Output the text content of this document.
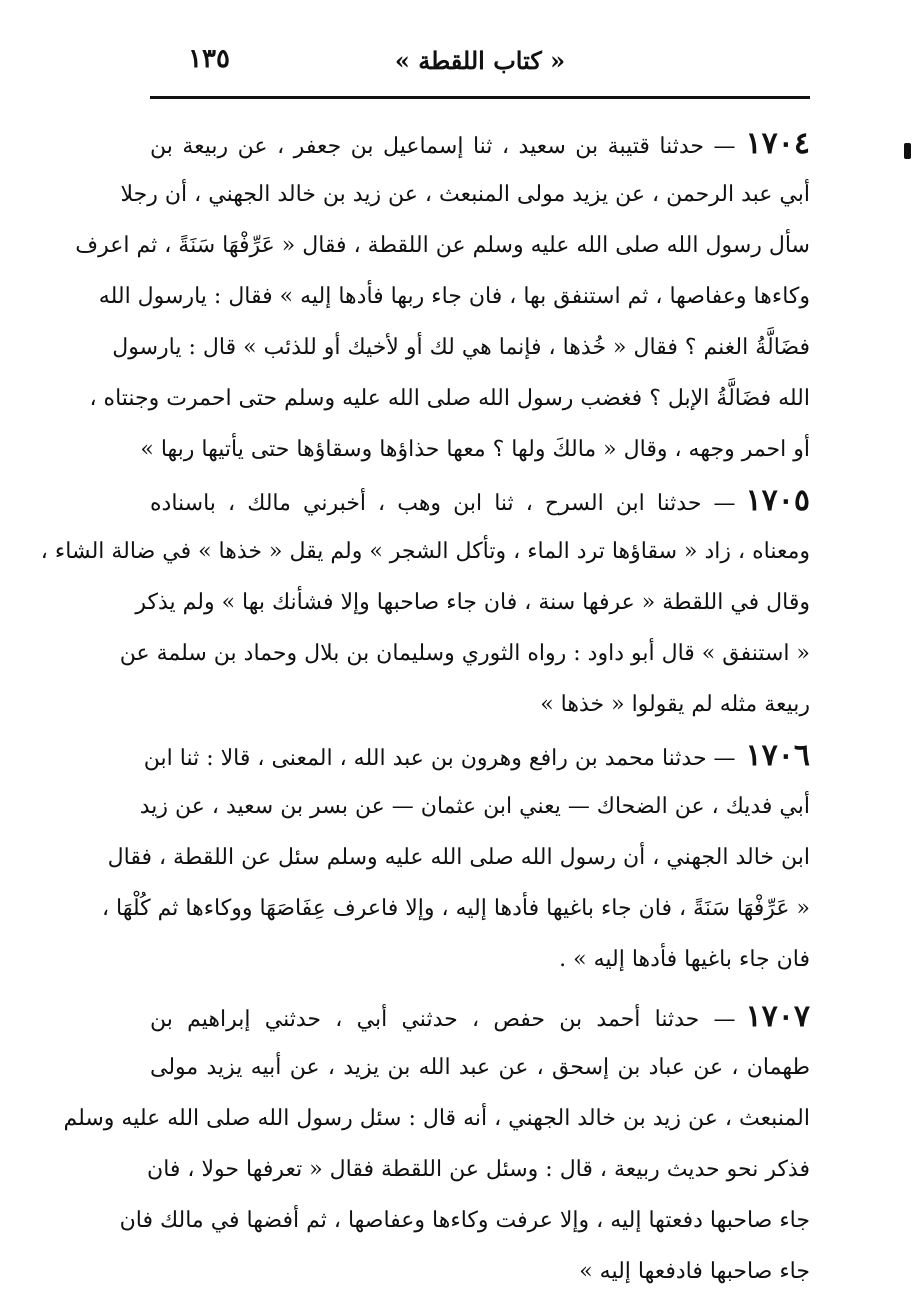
« كتاب اللقطة »
١٣٥
١٧٠٤— حدثنا قتيبة بن سعيد ، ثنا إسماعيل بن جعفر ، عن ربيعة بن
أبي عبد الرحمن ، عن يزيد مولى المنبعث ، عن زيد بن خالد الجهني ، أن رجلا
سأل رسول الله صلى الله عليه وسلم عن اللقطة ، فقال « عَرِّفْهَا سَنَةً ، ثم اعرف
وكاءها وعفاصها ، ثم استنفق بها ، فان جاء ربها فأدها إليه » فقال : يارسول الله
فضَالَّةُ الغنم ؟ فقال « خُذها ، فإنما هي لك أو لأخيك أو للذئب » قال : يارسول
الله فضَالَّةُ الإبل ؟ فغضب رسول الله صلى الله عليه وسلم حتى احمرت وجنتاه ،
أو احمر وجهه ، وقال « مالكَ ولها ؟ معها حذاؤها وسقاؤها حتى يأتيها ربها »
١٧٠٥— حدثنا ابن السرح ، ثنا ابن وهب ، أخبرني مالك ، باسناده
ومعناه ، زاد « سقاؤها ترد الماء ، وتأكل الشجر » ولم يقل « خذها » في ضالة الشاء ،
وقال في اللقطة « عرفها سنة ، فان جاء صاحبها وإلا فشأنك بها » ولم يذكر
« استنفق » قال أبو داود : رواه الثوري وسليمان بن بلال وحماد بن سلمة عن
ربيعة مثله لم يقولوا « خذها »
١٧٠٦— حدثنا محمد بن رافع وهرون بن عبد الله ، المعنى ، قالا : ثنا ابن
أبي فديك ، عن الضحاك — يعني ابن عثمان — عن بسر بن سعيد ، عن زيد
ابن خالد الجهني ، أن رسول الله صلى الله عليه وسلم سئل عن اللقطة ، فقال
« عَرِّفْهَا سَنَةً ، فان جاء باغيها فأدها إليه ، وإلا فاعرف عِفَاصَهَا ووكاءها ثم كُلْهَا ،
فان جاء باغيها فأدها إليه » .
١٧٠٧— حدثنا أحمد بن حفص ، حدثني أبي ، حدثني إبراهيم بن
طهمان ، عن عباد بن إسحق ، عن عبد الله بن يزيد ، عن أبيه يزيد مولى
المنبعث ، عن زيد بن خالد الجهني ، أنه قال : سئل رسول الله صلى الله عليه وسلم
فذكر نحو حديث ربيعة ، قال : وسئل عن اللقطة فقال « تعرفها حولا ، فان
جاء صاحبها دفعتها إليه ، وإلا عرفت وكاءها وعفاصها ، ثم أفضها في مالك فان
جاء صاحبها فادفعها إليه »
